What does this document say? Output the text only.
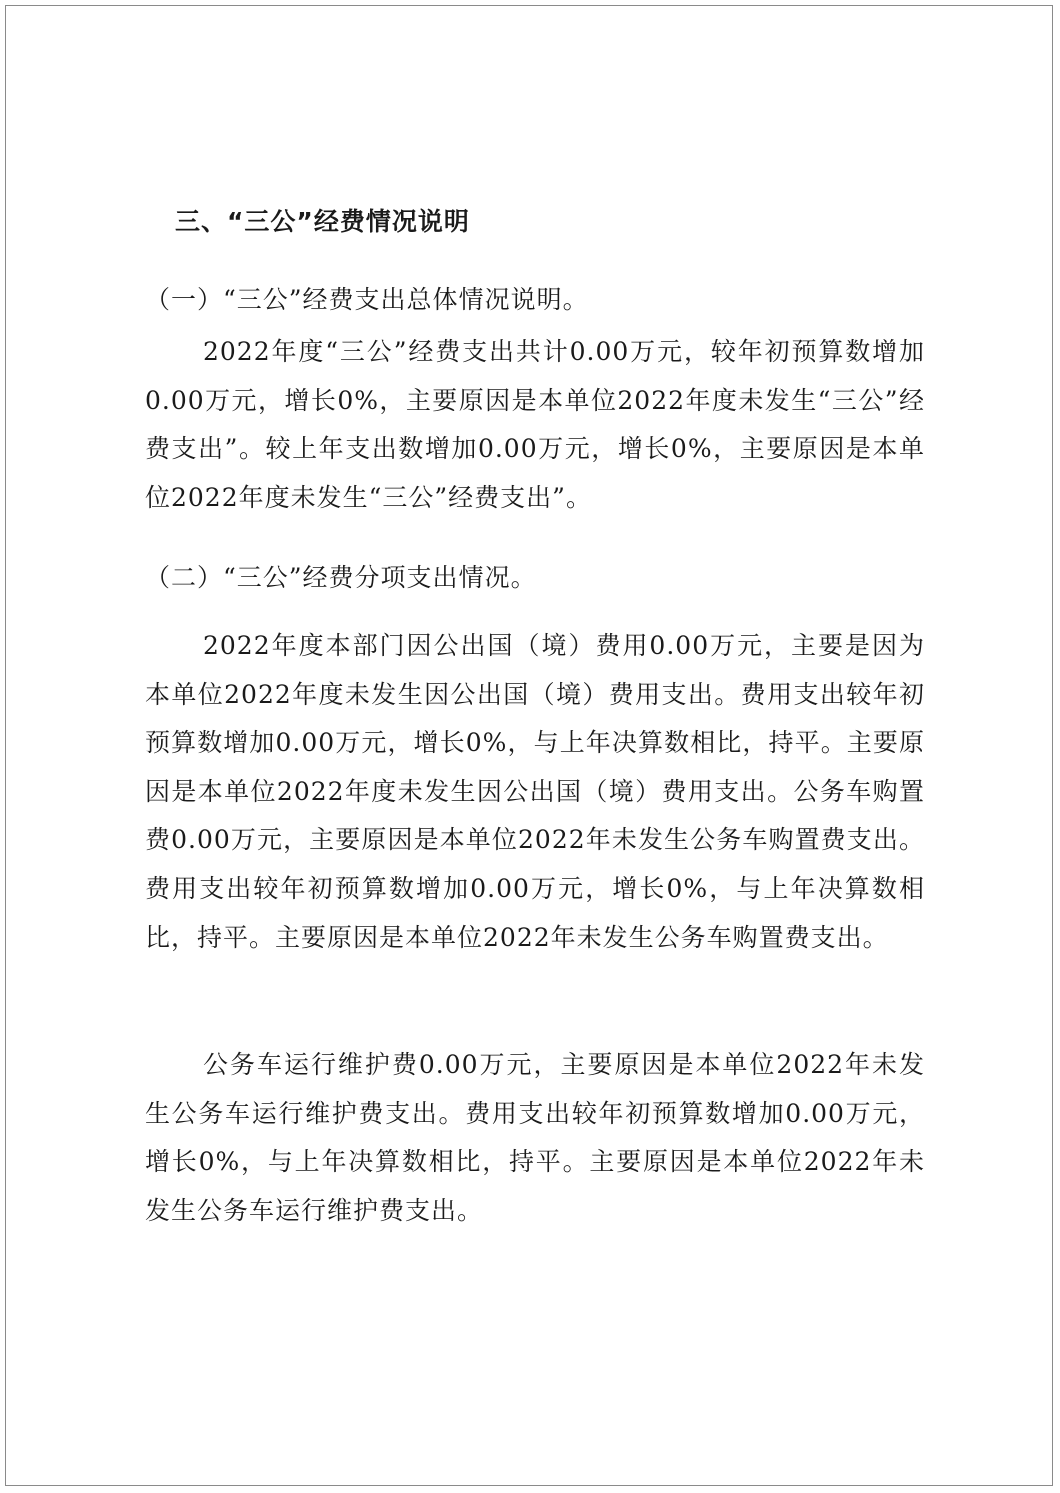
三、“三公”经费情况说明

（一）“三公”经费支出总体情况说明。

2022年度“三公”经费支出共计0.00万元，较年初预算数增加0.00万元，增长0%，主要原因是本单位2022年度未发生“三公”经费支出”。较上年支出数增加0.00万元，增长0%，主要原因是本单位2022年度未发生“三公”经费支出”。

（二）“三公”经费分项支出情况。

2022年度本部门因公出国（境）费用0.00万元，主要是因为本单位2022年度未发生因公出国（境）费用支出。费用支出较年初预算数增加0.00万元，增长0%，与上年决算数相比，持平。主要原因是本单位2022年度未发生因公出国（境）费用支出。公务车购置费0.00万元，主要原因是本单位2022年未发生公务车购置费支出。费用支出较年初预算数增加0.00万元，增长0%，与上年决算数相比，持平。主要原因是本单位2022年未发生公务车购置费支出。

公务车运行维护费0.00万元，主要原因是本单位2022年未发生公务车运行维护费支出。费用支出较年初预算数增加0.00万元，增长0%，与上年决算数相比，持平。主要原因是本单位2022年未发生公务车运行维护费支出。
